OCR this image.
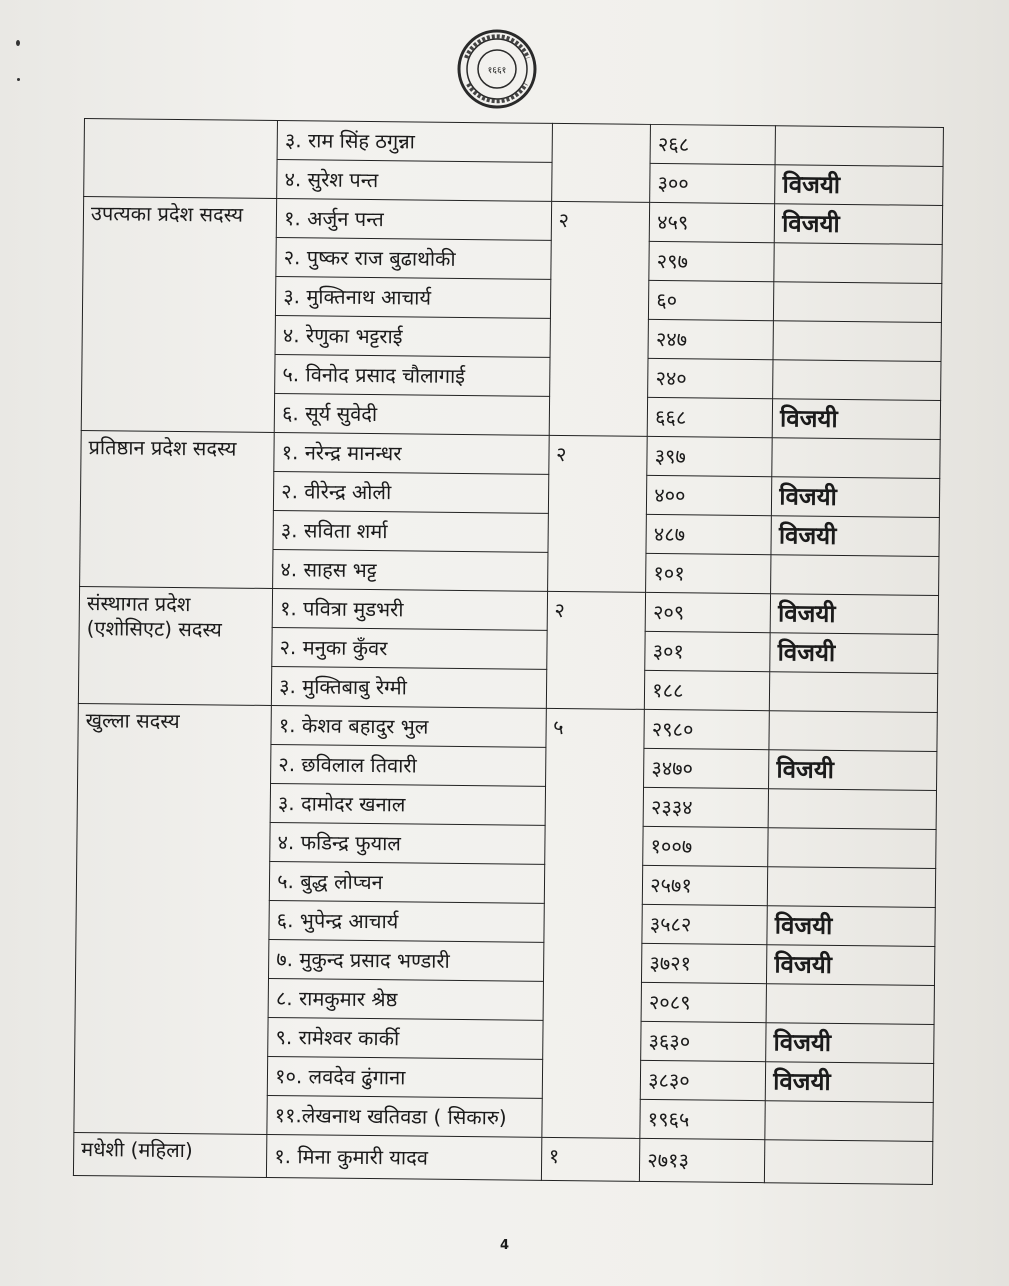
१६६१
	३. राम सिंह ठगुन्ना		२६८	
	४. सुरेश पन्त		३००	विजयी
उपत्यका प्रदेश सदस्य	१. अर्जुन पन्त	२	४५९	विजयी
	२. पुष्कर राज बुढाथोकी		२९७	
	३. मुक्तिनाथ आचार्य		६०	
	४. रेणुका भट्टराई		२४७	
	५. विनोद प्रसाद चौलागाई		२४०	
	६. सूर्य सुवेदी		६६८	विजयी
प्रतिष्ठान प्रदेश सदस्य	१. नरेन्द्र मानन्धर	२	३९७	
	२. वीरेन्द्र ओली		४००	विजयी
	३. सविता शर्मा		४८७	विजयी
	४. साहस भट्ट		१०१	
संस्थागत प्रदेश (एशोसिएट) सदस्य	१. पवित्रा मुडभरी	२	२०९	विजयी
	२. मनुका कुँवर		३०१	विजयी
	३. मुक्तिबाबु रेग्मी		१८८	
खुल्ला सदस्य	१. केशव बहादुर भुल	५	२९८०	
	२. छविलाल तिवारी		३४७०	विजयी
	३. दामोदर खनाल		२३३४	
	४. फडिन्द्र फुयाल		१००७	
	५. बुद्ध लोप्चन		२५७१	
	६. भुपेन्द्र आचार्य		३५८२	विजयी
	७. मुकुन्द प्रसाद भण्डारी		३७२१	विजयी
	८. रामकुमार श्रेष्ठ		२०८९	
	९. रामेश्वर कार्की		३६३०	विजयी
	१०. लवदेव ढुंगाना		३८३०	विजयी
	११.लेखनाथ खतिवडा ( सिकारु)		१९६५	
मधेशी (महिला)	१. मिना कुमारी यादव	१	२७१३	
4
